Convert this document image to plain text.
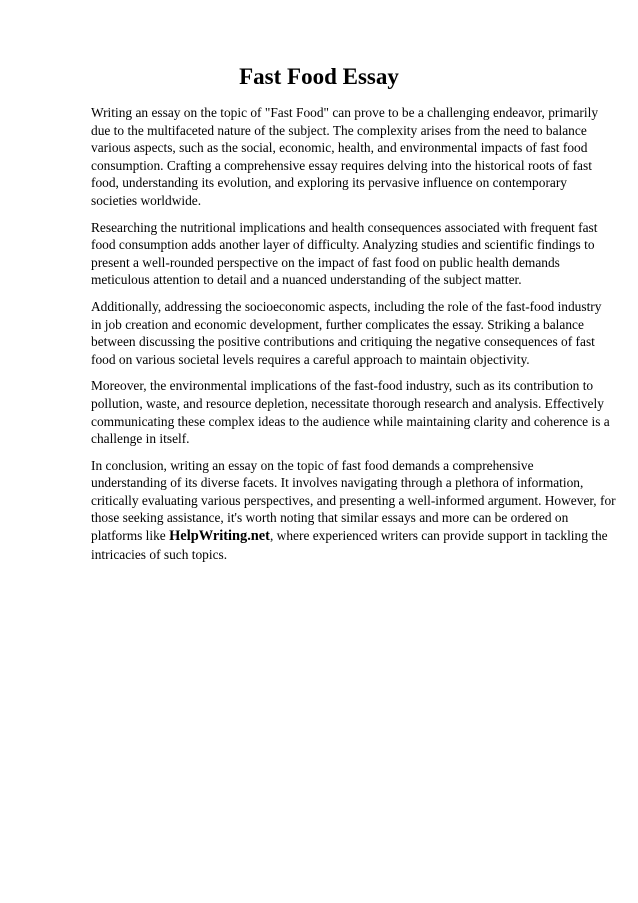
Fast Food Essay

Writing an essay on the topic of "Fast Food" can prove to be a challenging endeavor, primarily
due to the multifaceted nature of the subject. The complexity arises from the need to balance
various aspects, such as the social, economic, health, and environmental impacts of fast food
consumption. Crafting a comprehensive essay requires delving into the historical roots of fast
food, understanding its evolution, and exploring its pervasive influence on contemporary
societies worldwide.

Researching the nutritional implications and health consequences associated with frequent fast
food consumption adds another layer of difficulty. Analyzing studies and scientific findings to
present a well-rounded perspective on the impact of fast food on public health demands
meticulous attention to detail and a nuanced understanding of the subject matter.

Additionally, addressing the socioeconomic aspects, including the role of the fast-food industry
in job creation and economic development, further complicates the essay. Striking a balance
between discussing the positive contributions and critiquing the negative consequences of fast
food on various societal levels requires a careful approach to maintain objectivity.

Moreover, the environmental implications of the fast-food industry, such as its contribution to
pollution, waste, and resource depletion, necessitate thorough research and analysis. Effectively
communicating these complex ideas to the audience while maintaining clarity and coherence is a
challenge in itself.

In conclusion, writing an essay on the topic of fast food demands a comprehensive
understanding of its diverse facets. It involves navigating through a plethora of information,
critically evaluating various perspectives, and presenting a well-informed argument. However, for
those seeking assistance, it's worth noting that similar essays and more can be ordered on
platforms like HelpWriting.net, where experienced writers can provide support in tackling the
intricacies of such topics.
